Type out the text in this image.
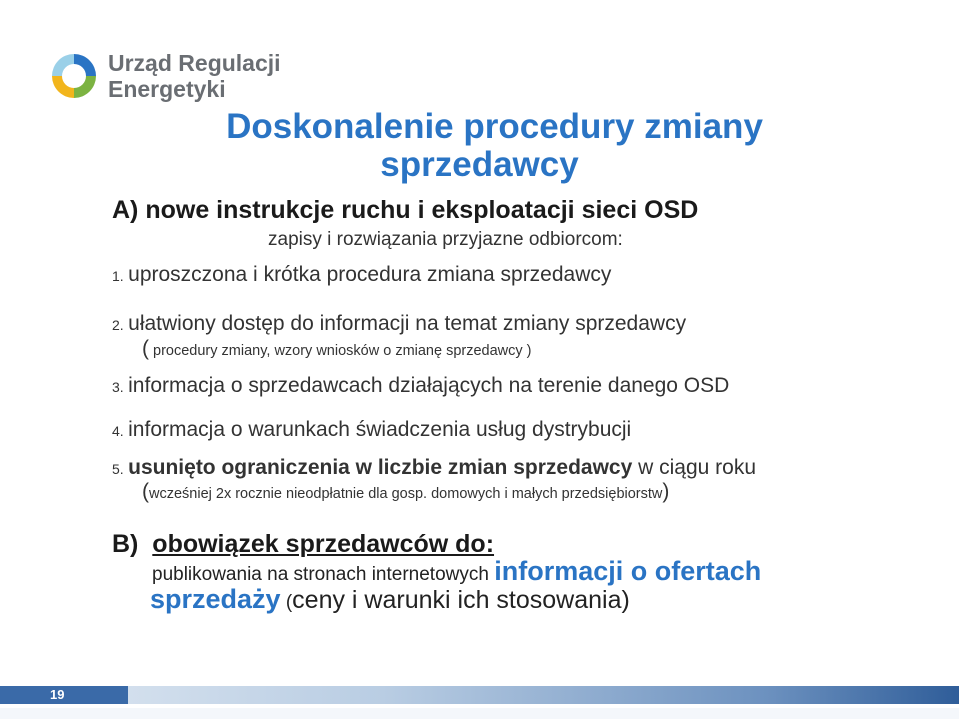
Urząd Regulacji
Energetyki
Doskonalenie procedury zmiany
sprzedawcy
A) nowe instrukcje ruchu i eksploatacji sieci OSD
zapisy i rozwiązania przyjazne odbiorcom:
1. uproszczona i krótka procedura zmiana sprzedawcy
2. ułatwiony dostęp do informacji na temat zmiany sprzedawcy
( procedury zmiany, wzory wniosków o zmianę sprzedawcy )
3. informacja o sprzedawcach działających na terenie danego OSD
4. informacja o warunkach świadczenia usług dystrybucji
5. usunięto ograniczenia w liczbie zmian sprzedawcy w ciągu roku
(wcześniej 2x rocznie nieodpłatnie dla gosp. domowych i małych przedsiębiorstw)
B) obowiązek sprzedawców do:
publikowania na stronach internetowych informacji o ofertach
sprzedaży (ceny i warunki ich stosowania)
19
